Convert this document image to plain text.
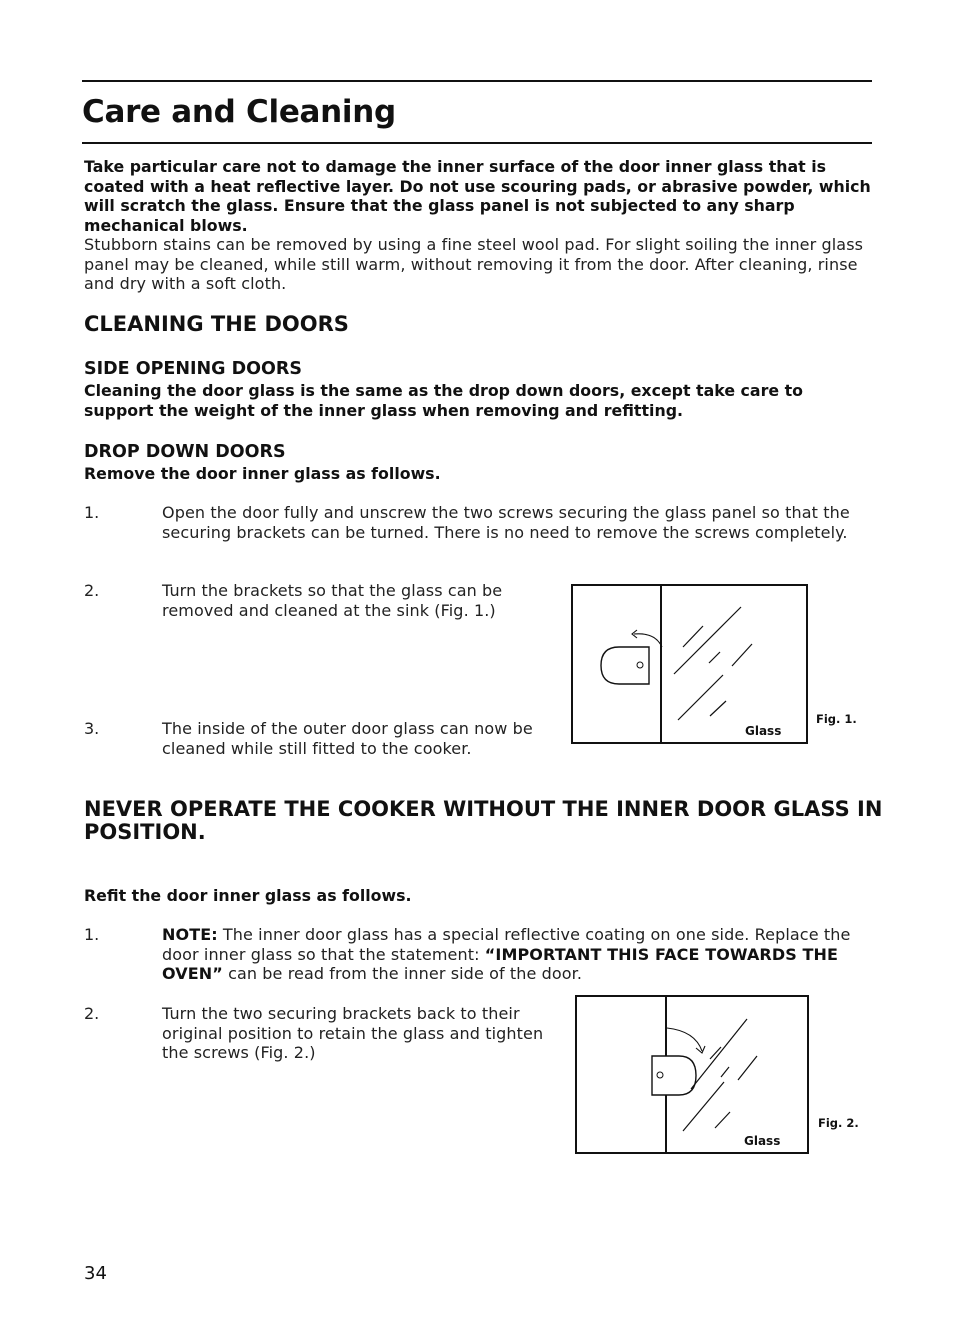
Care and Cleaning

Take particular care not to damage the inner surface of the door inner glass that is coated with a heat reflective layer. Do not use scouring pads, or abrasive powder, which will scratch the glass. Ensure that the glass panel is not subjected to any sharp mechanical blows.

Stubborn stains can be removed by using a fine steel wool pad. For slight soiling the inner glass panel may be cleaned, while still warm, without removing it from the door. After cleaning, rinse and dry with a soft cloth.

CLEANING THE DOORS
SIDE OPENING DOORS

Cleaning the door glass is the same as the drop down doors, except take care to support the weight of the inner glass when removing and refitting.

DROP DOWN DOORS

Remove the door inner glass as follows.

1.	Open the door fully and unscrew the two screws securing the glass panel so that the securing brackets can be turned. There is no need to remove the screws completely.
2.	Turn the brackets so that the glass can be removed and cleaned at the sink (Fig. 1.)
3.	The inside of the outer door glass can now be cleaned while still fitted to the cooker.
Glass
Fig. 1.
NEVER OPERATE THE COOKER WITHOUT THE INNER DOOR GLASS IN POSITION.

Refit the door inner glass as follows.

1.	NOTE: The inner door glass has a special reflective coating on one side. Replace the door inner glass so that the statement: “IMPORTANT THIS FACE TOWARDS THE OVEN” can be read from the inner side of the door.
2.	Turn the two securing brackets back to their original position to retain the glass and tighten the screws (Fig. 2.)
Glass
Fig. 2.
34
